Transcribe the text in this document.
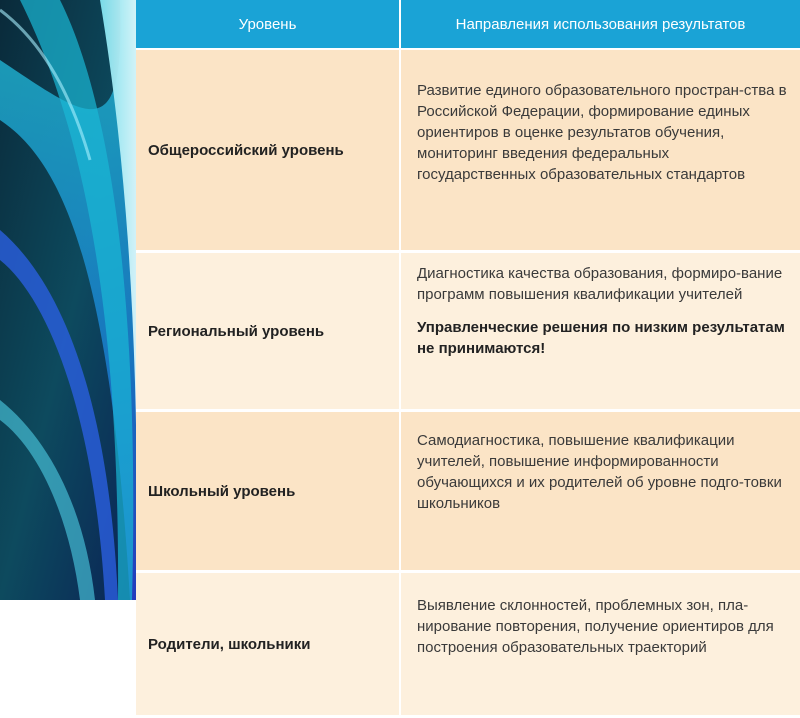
Уровень	Направления использования результатов
Общероссийский уровень	Развитие единого образовательного простран-ства в Российской Федерации, формирование единых ориентиров в оценке результатов обучения, мониторинг введения федеральных государственных образовательных стандартов

Региональный уровень	Диагностика качества образования, формиро-вание программ повышения квалификации учителей
Управленческие решения по низким результатам не принимаются!

Школьный уровень	Самодиагностика, повышение квалификации учителей, повышение информированности обучающихся и их родителей об уровне подго-товки школьников

Родители, школьники	Выявление склонностей, проблемных зон, пла-нирование повторения, получение ориентиров для построения образовательных траекторий
